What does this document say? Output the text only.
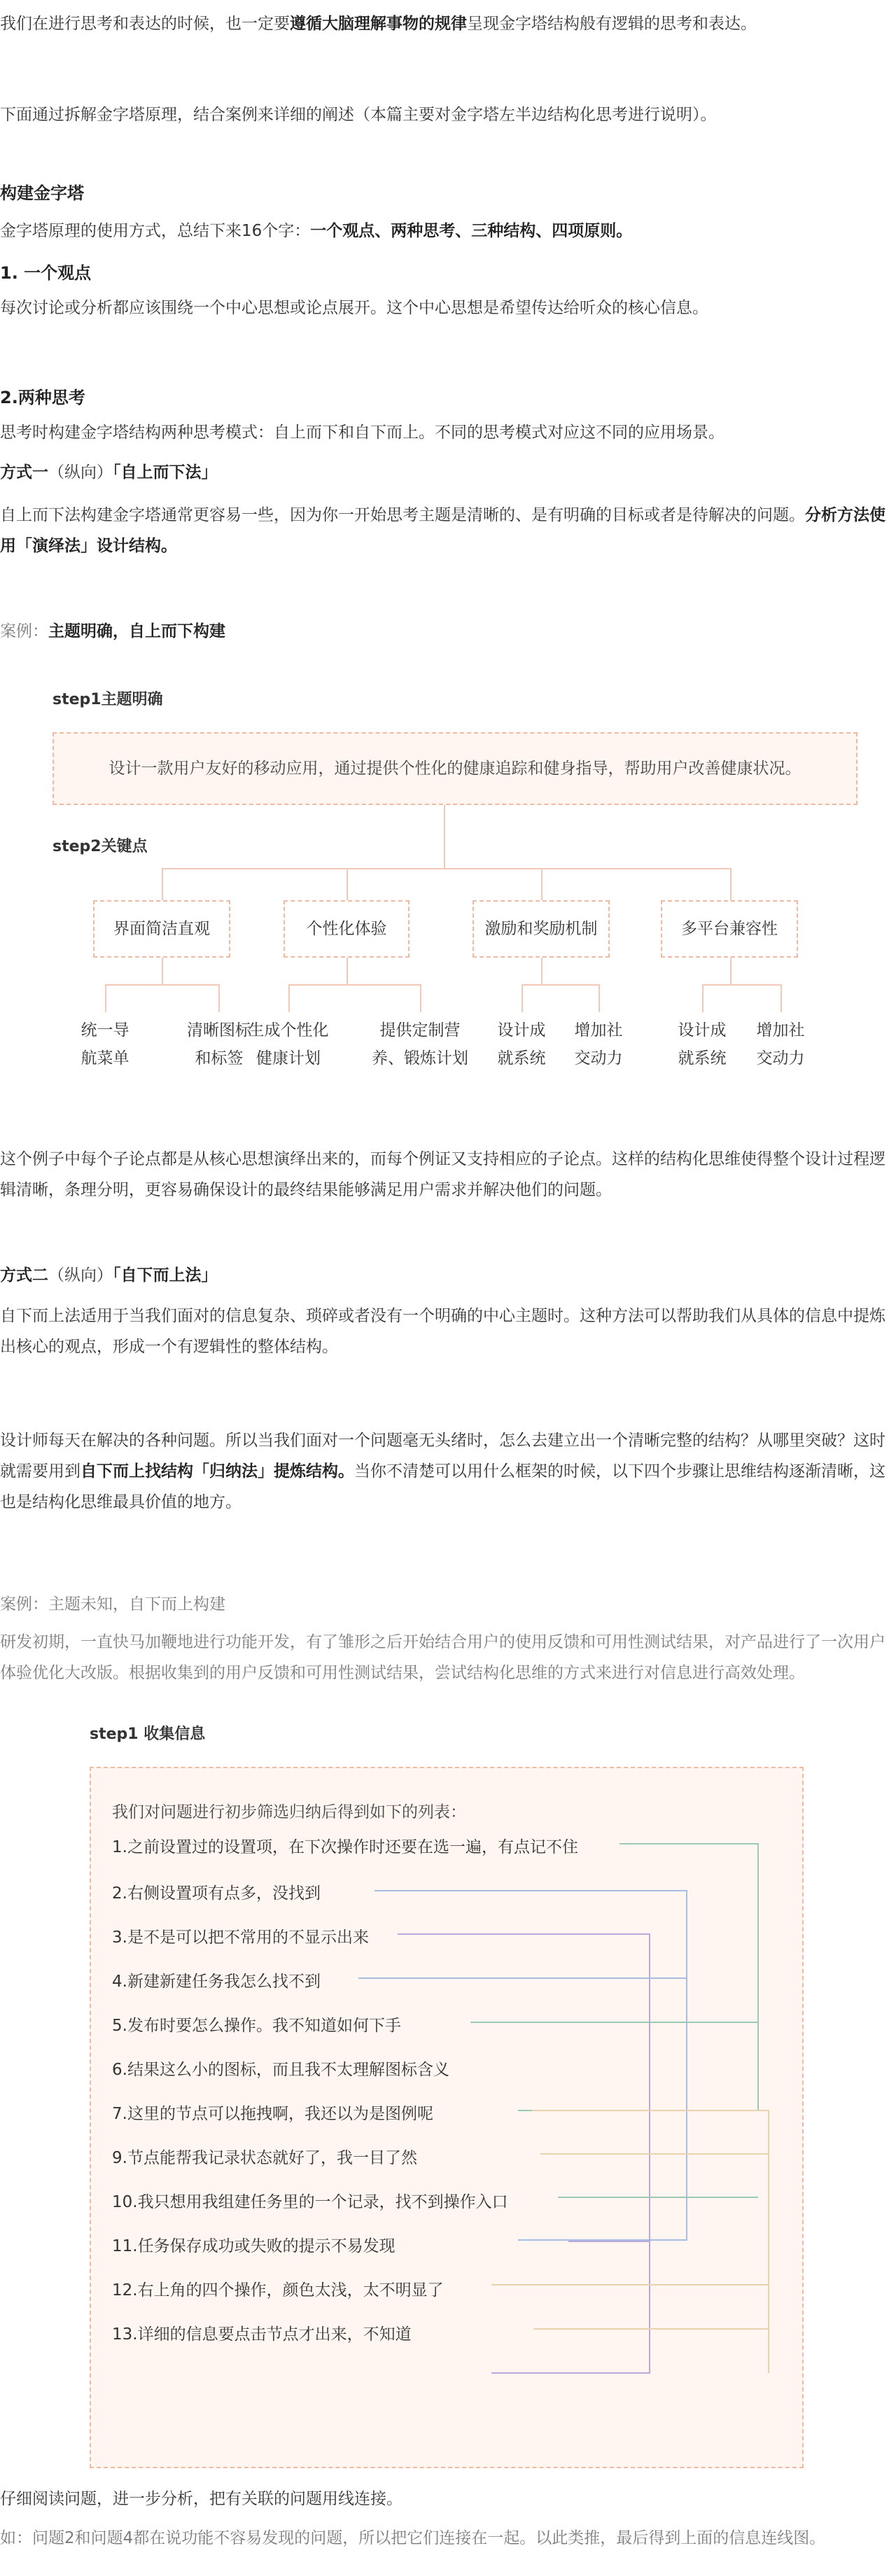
我们在进行思考和表达的时候，也一定要遵循大脑理解事物的规律呈现金字塔结构般有逻辑的思考和表达。

下面通过拆解金字塔原理，结合案例来详细的阐述（本篇主要对金字塔左半边结构化思考进行说明）。

构建金字塔

金字塔原理的使用方式，总结下来16个字：一个观点、两种思考、三种结构、四项原则。

1. 一个观点

每次讨论或分析都应该围绕一个中心思想或论点展开。这个中心思想是希望传达给听众的核心信息。

2.两种思考

思考时构建金字塔结构两种思考模式：自上而下和自下而上。不同的思考模式对应这不同的应用场景。

方式一（纵向）「自上而下法」

自上而下法构建金字塔通常更容易一些，因为你一开始思考主题是清晰的、是有明确的目标或者是待解决的问题。分析方法使用「演绎法」设计结构。

案例：主题明确，自上而下构建

step1主题明确
设计一款用户友好的移动应用，通过提供个性化的健康追踪和健身指导，帮助用户改善健康状况。
step2关键点
界面简洁直观	个性化体验	激励和奖励机制	多平台兼容性
统一导
航菜单
清晰图标
和标签
生成个性化
健康计划
提供定制营
养、锻炼计划
设计成
就系统
增加社
交动力
设计成
就系统
增加社
交动力

这个例子中每个子论点都是从核心思想演绎出来的，而每个例证又支持相应的子论点。这样的结构化思维使得整个设计过程逻辑清晰，条理分明，更容易确保设计的最终结果能够满足用户需求并解决他们的问题。

方式二（纵向）「自下而上法」

自下而上法适用于当我们面对的信息复杂、琐碎或者没有一个明确的中心主题时。这种方法可以帮助我们从具体的信息中提炼出核心的观点，形成一个有逻辑性的整体结构。

设计师每天在解决的各种问题。所以当我们面对一个问题毫无头绪时，怎么去建立出一个清晰完整的结构？从哪里突破？这时就需要用到自下而上找结构「归纳法」提炼结构。当你不清楚可以用什么框架的时候，以下四个步骤让思维结构逐渐清晰，这也是结构化思维最具价值的地方。

案例：主题未知，自下而上构建

研发初期，一直快马加鞭地进行功能开发，有了雏形之后开始结合用户的使用反馈和可用性测试结果，对产品进行了一次用户体验优化大改版。根据收集到的用户反馈和可用性测试结果，尝试结构化思维的方式来进行对信息进行高效处理。

step1 收集信息
我们对问题进行初步筛选归纳后得到如下的列表：
1.之前设置过的设置项，在下次操作时还要在选一遍，有点记不住
2.右侧设置项有点多，没找到
3.是不是可以把不常用的不显示出来
4.新建新建任务我怎么找不到
5.发布时要怎么操作。我不知道如何下手
6.结果这么小的图标，而且我不太理解图标含义
7.这里的节点可以拖拽啊，我还以为是图例呢
9.节点能帮我记录状态就好了，我一目了然
10.我只想用我组建任务里的一个记录，找不到操作入口
11.任务保存成功或失败的提示不易发现
12.右上角的四个操作，颜色太浅，太不明显了
13.详细的信息要点击节点才出来，不知道

仔细阅读问题，进一步分析，把有关联的问题用线连接。

如：问题2和问题4都在说功能不容易发现的问题，所以把它们连接在一起。以此类推，最后得到上面的信息连线图。
